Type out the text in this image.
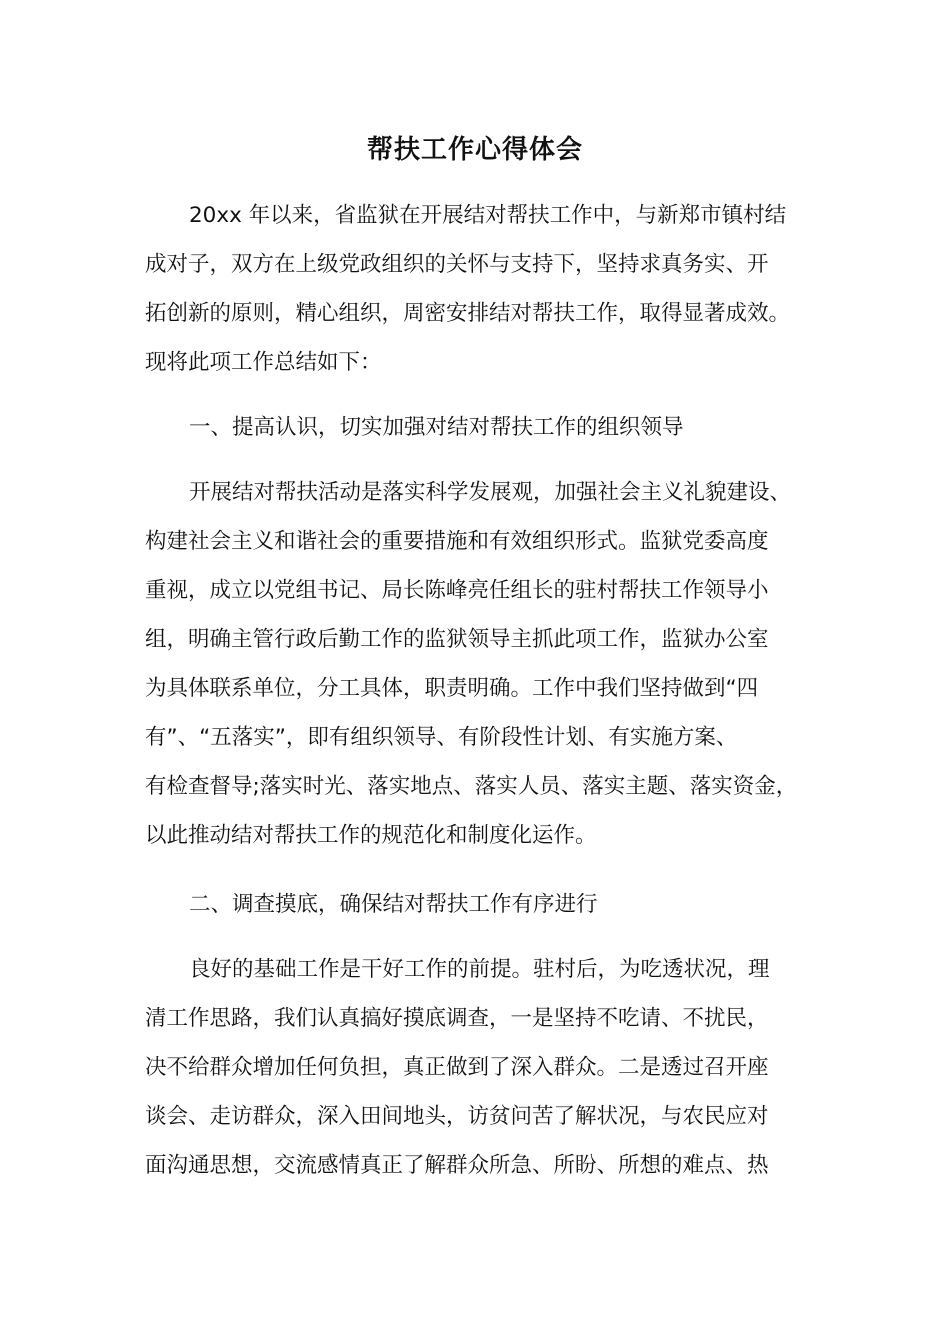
帮扶工作心得体会
20xx 年以来，省监狱在开展结对帮扶工作中，与新郑市镇村结
成对子，双方在上级党政组织的关怀与支持下，坚持求真务实、开
拓创新的原则，精心组织，周密安排结对帮扶工作，取得显著成效。
现将此项工作总结如下：
一、提高认识，切实加强对结对帮扶工作的组织领导
开展结对帮扶活动是落实科学发展观，加强社会主义礼貌建设、
构建社会主义和谐社会的重要措施和有效组织形式。监狱党委高度
重视，成立以党组书记、局长陈峰亮任组长的驻村帮扶工作领导小
组，明确主管行政后勤工作的监狱领导主抓此项工作，监狱办公室
为具体联系单位，分工具体，职责明确。工作中我们坚持做到“四
有”、“五落实”，即有组织领导、有阶段性计划、有实施方案、
有检查督导;落实时光、落实地点、落实人员、落实主题、落实资金，
以此推动结对帮扶工作的规范化和制度化运作。
二、调查摸底，确保结对帮扶工作有序进行
良好的基础工作是干好工作的前提。驻村后，为吃透状况，理
清工作思路，我们认真搞好摸底调查，一是坚持不吃请、不扰民，
决不给群众增加任何负担，真正做到了深入群众。二是透过召开座
谈会、走访群众，深入田间地头，访贫问苦了解状况，与农民应对
面沟通思想，交流感情真正了解群众所急、所盼、所想的难点、热
